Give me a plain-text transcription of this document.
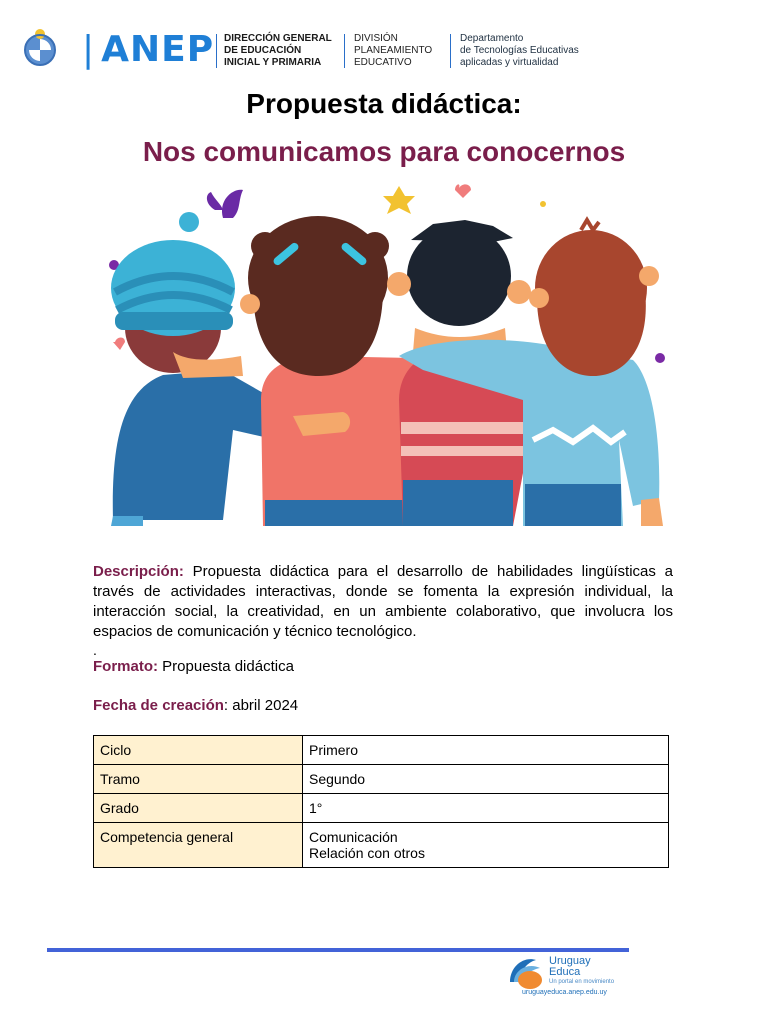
| ANEP DIRECCIÓN GENERAL
DE EDUCACIÓN
INICIAL Y PRIMARIA
DIVISIÓN
PLANEAMIENTO
EDUCATIVO
Departamento
de Tecnologías Educativas
aplicadas y virtualidad
Propuesta didáctica:
Nos comunicamos para conocernos
Descripción: Propuesta didáctica para el desarrollo de habilidades lingüísticas a través de actividades interactivas, donde se fomenta la expresión individual, la interacción social, la creatividad, en un ambiente colaborativo, que involucra los espacios de comunicación y técnico tecnológico.
.
Formato: Propuesta didáctica
Fecha de creación: abril 2024
Ciclo	Primero
Tramo	Segundo
Grado	1°
Competencia general	Comunicación
Relación con otros
Uruguay
Educa
Un portal en movimiento
uruguayeduca.anep.edu.uy
